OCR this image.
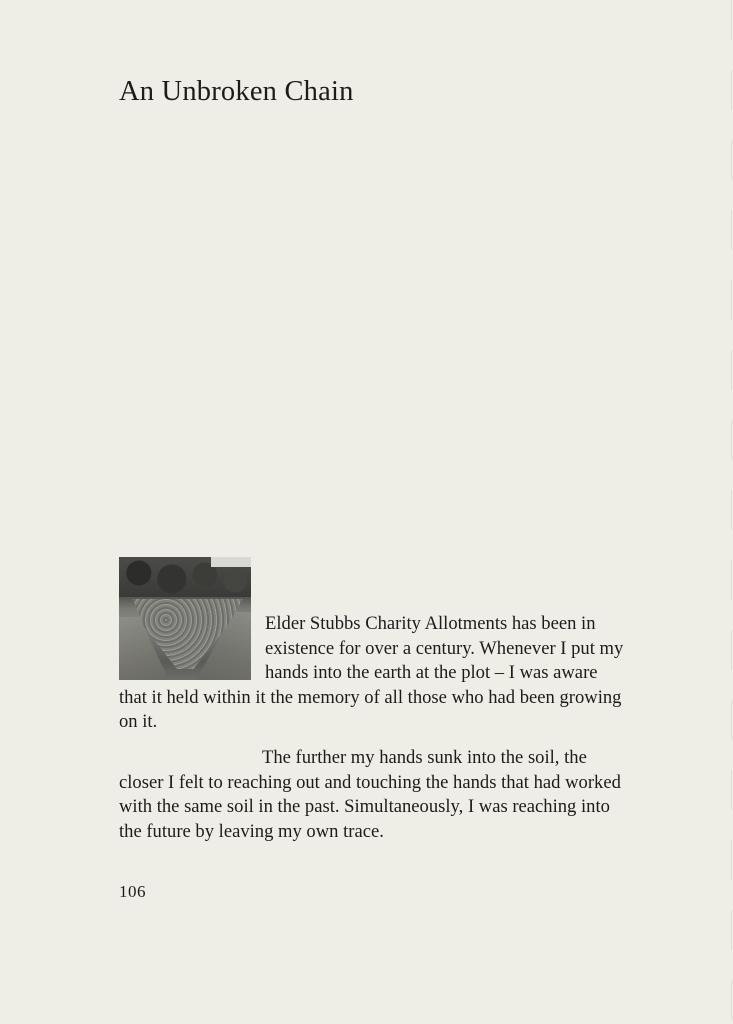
An Unbroken Chain
Elder Stubbs Charity Allotments has been in
existence for over a century. Whenever I put my
hands into the earth at the plot – I was aware
that it held within it the memory of all those who had been growing
on it.
The further my hands sunk into the soil, the
closer I felt to reaching out and touching the hands that had worked
with the same soil in the past. Simultaneously, I was reaching into
the future by leaving my own trace.
106
